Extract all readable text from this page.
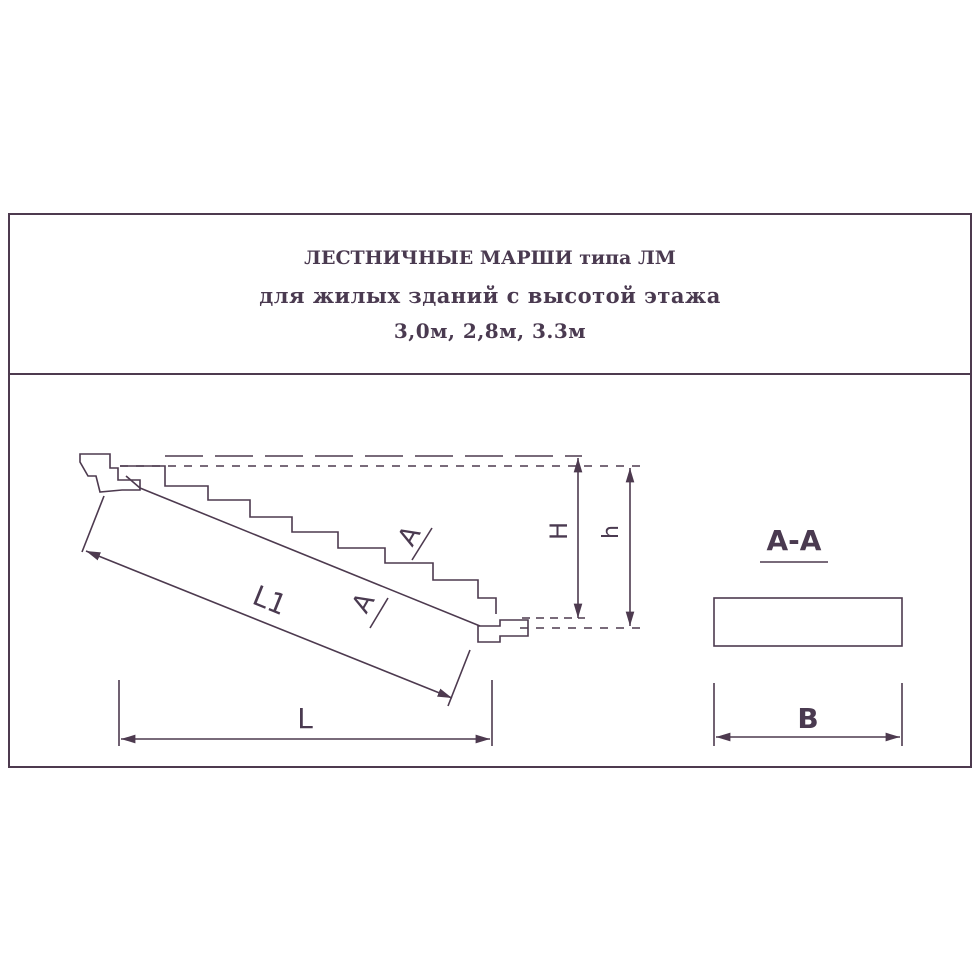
ЛЕСТНИЧНЫЕ МАРШИ типа ЛМ
для жилых зданий с высотой этажа
3,0м, 2,8м, 3.3м
H h
L
L1
A
A
A-A
B
